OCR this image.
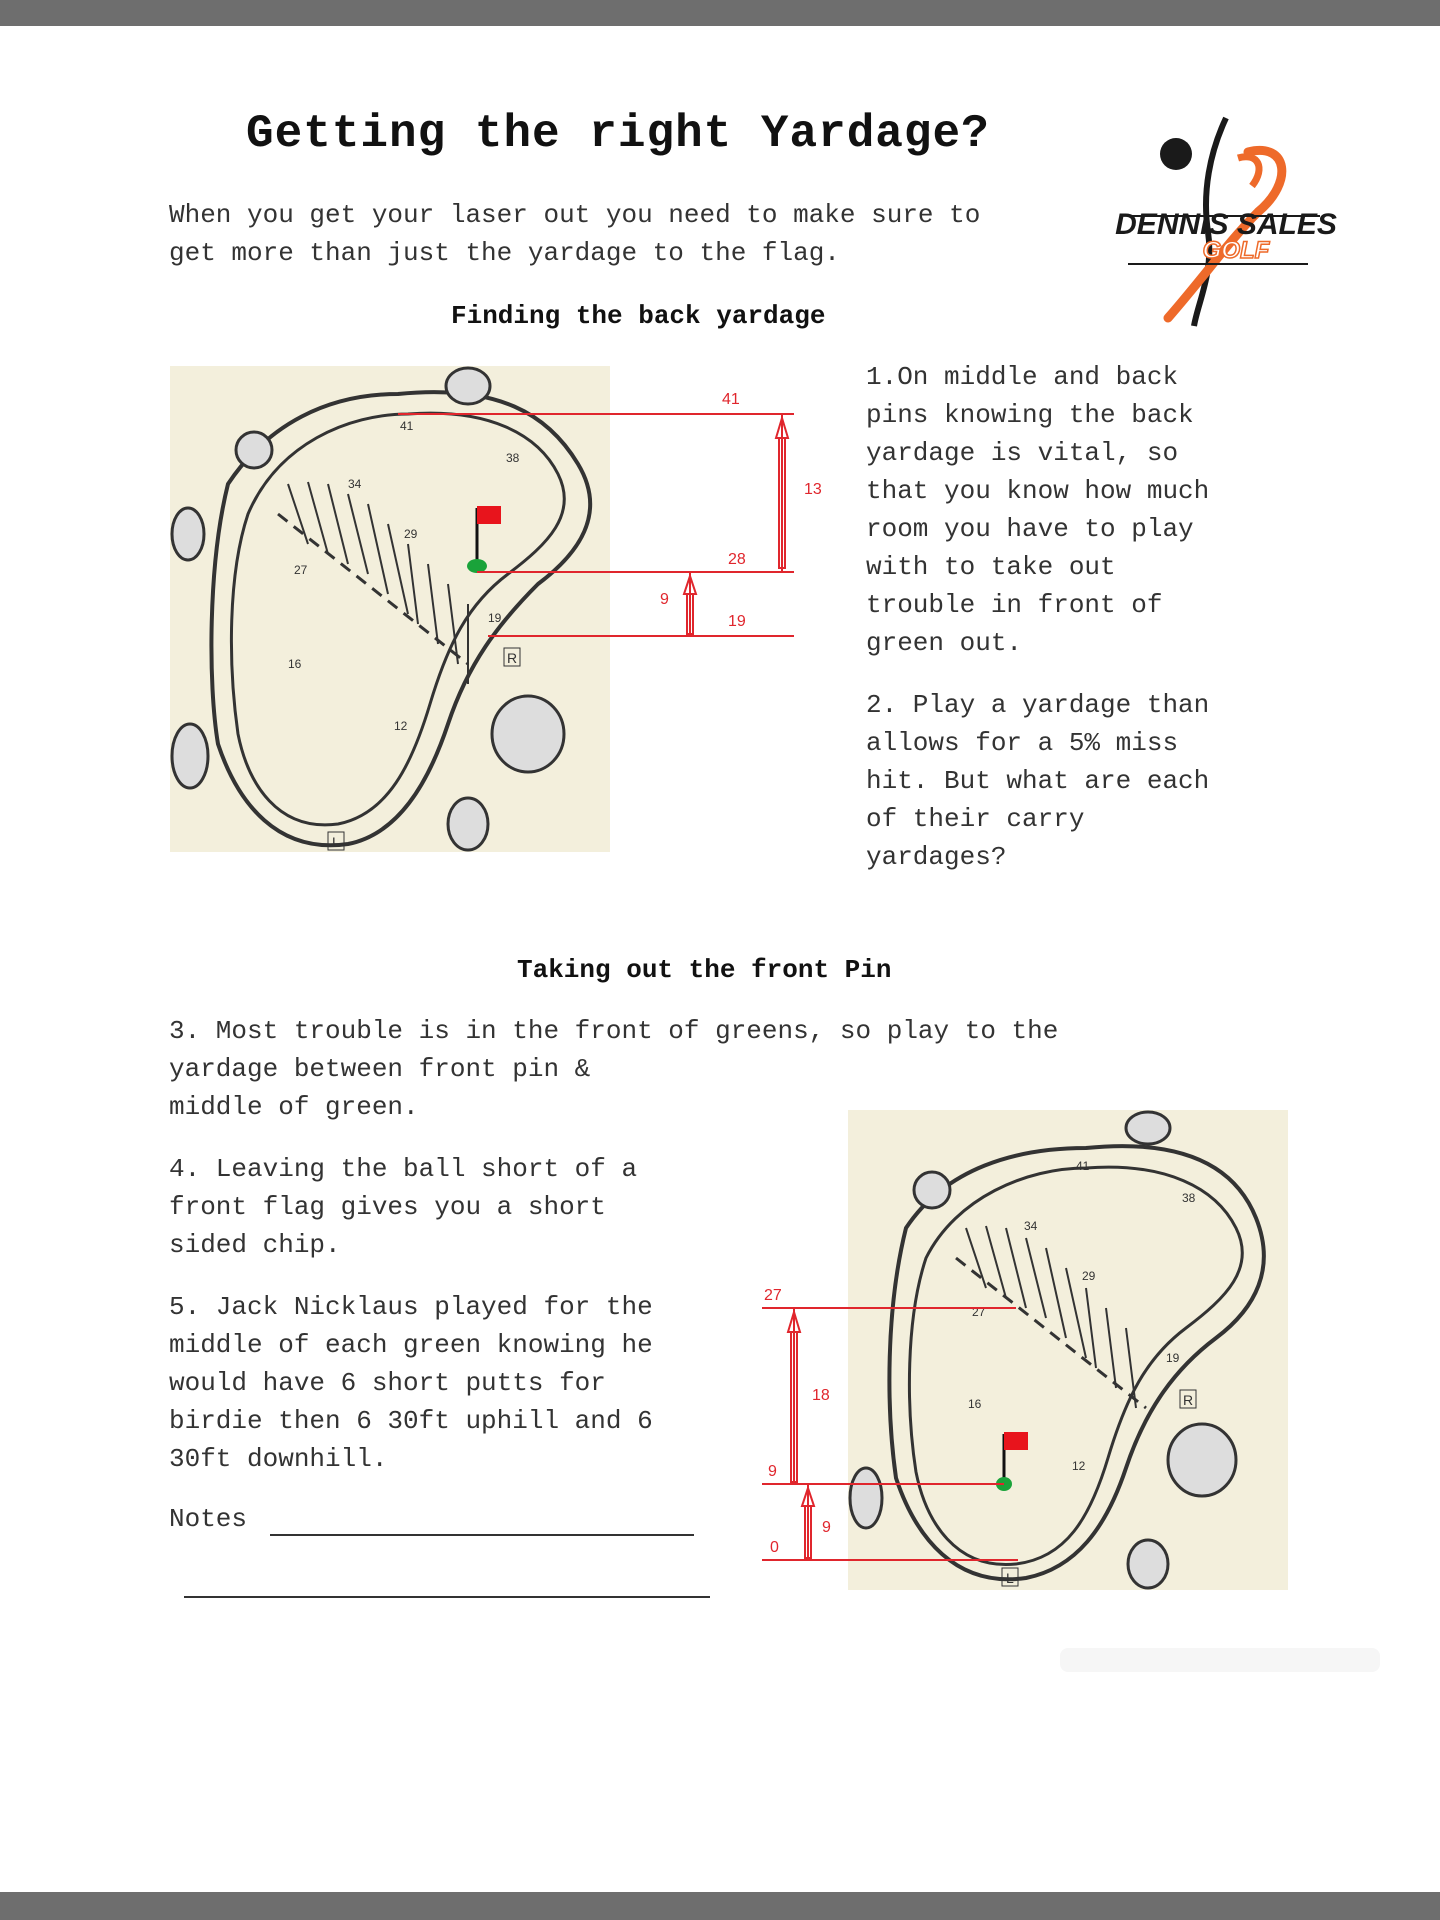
Getting the right Yardage?
When you get your laser out you need to make sure to
get more than just the yardage to the flag.
DENNIS SALES
GOLF
Finding the back yardage
41
38
34
29
27
16
12
19
R
L
41
28
19
13
9
1.On middle and back
pins knowing the back
yardage is vital, so
that you know how much
room you have to play
with to take out
trouble in front of
green out.
2. Play a yardage than
allows for a 5% miss
hit. But what are each
of their carry
yardages?
Taking out the front Pin
3. Most trouble is in the front of greens, so play to the
yardage between front pin &
middle of green.
4. Leaving the ball short of a
front flag gives you a short
sided chip.
5. Jack Nicklaus played for the
middle of each green knowing he
would have 6 short putts for
birdie then 6 30ft uphill and 6
30ft downhill.
Notes
41
38
34
29
27
16
12
19
R
L
27
9
0
18
9
